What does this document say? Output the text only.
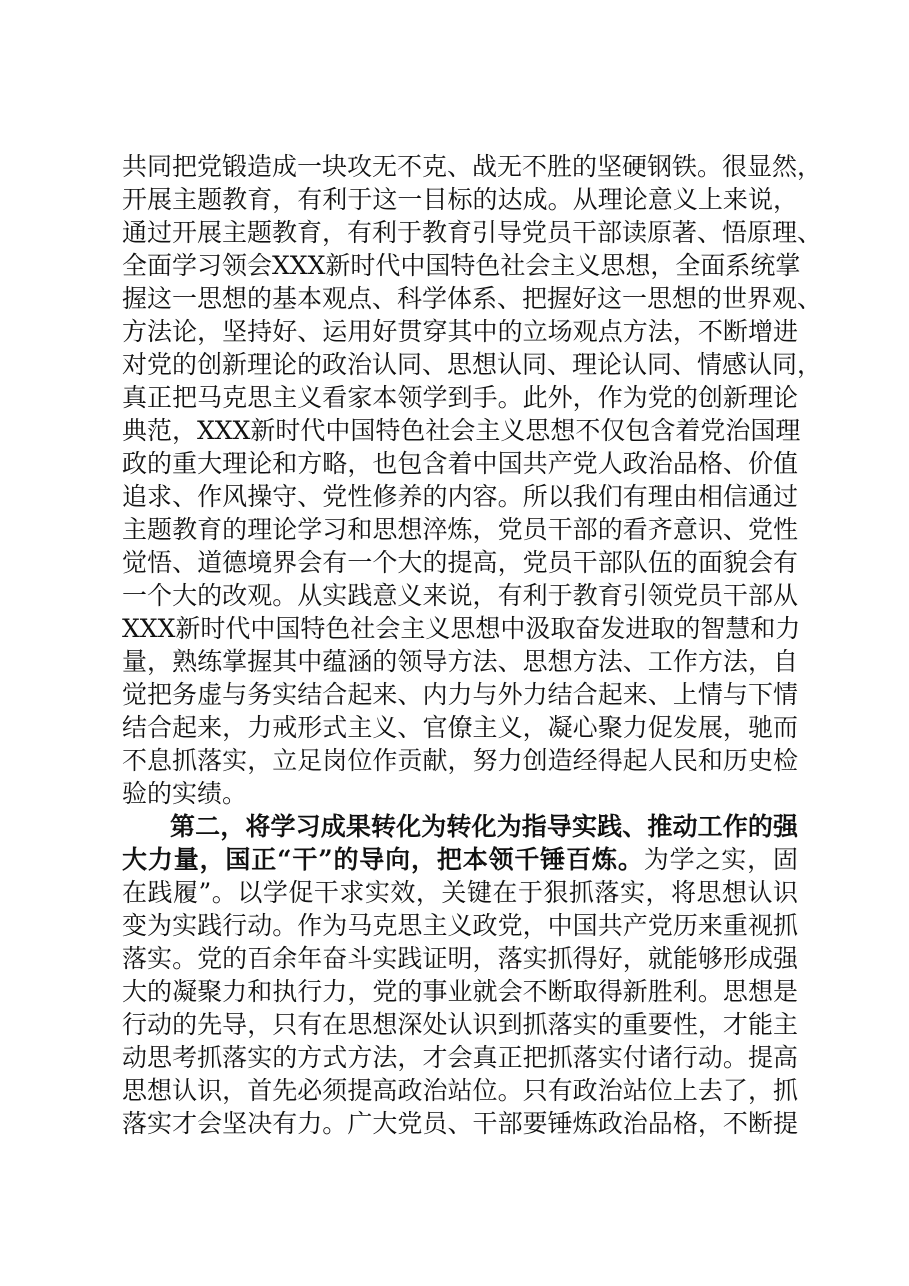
共同把党锻造成一块攻无不克、战无不胜的坚硬钢铁。很显然，
开展主题教育，有利于这一目标的达成。从理论意义上来说，
通过开展主题教育，有利于教育引导党员干部读原著、悟原理、
全面学习领会XXX新时代中国特色社会主义思想，全面系统掌
握这一思想的基本观点、科学体系、把握好这一思想的世界观、
方法论，坚持好、运用好贯穿其中的立场观点方法，不断增进
对党的创新理论的政治认同、思想认同、理论认同、情感认同，
真正把马克思主义看家本领学到手。此外，作为党的创新理论
典范，XXX新时代中国特色社会主义思想不仅包含着党治国理
政的重大理论和方略，也包含着中国共产党人政治品格、价值
追求、作风操守、党性修养的内容。所以我们有理由相信通过
主题教育的理论学习和思想淬炼，党员干部的看齐意识、党性
觉悟、道德境界会有一个大的提高，党员干部队伍的面貌会有
一个大的改观。从实践意义来说，有利于教育引领党员干部从
XXX新时代中国特色社会主义思想中汲取奋发进取的智慧和力
量，熟练掌握其中蕴涵的领导方法、思想方法、工作方法，自
觉把务虚与务实结合起来、内力与外力结合起来、上情与下情
结合起来，力戒形式主义、官僚主义，凝心聚力促发展，驰而
不息抓落实，立足岗位作贡献，努力创造经得起人民和历史检
验的实绩。
第二，将学习成果转化为转化为指导实践、推动工作的强
大力量，国正“干”的导向，把本领千锤百炼。为学之实，固
在践履”。以学促干求实效，关键在于狠抓落实，将思想认识
变为实践行动。作为马克思主义政党，中国共产党历来重视抓
落实。党的百余年奋斗实践证明，落实抓得好，就能够形成强
大的凝聚力和执行力，党的事业就会不断取得新胜利。思想是
行动的先导，只有在思想深处认识到抓落实的重要性，才能主
动思考抓落实的方式方法，才会真正把抓落实付诸行动。提高
思想认识，首先必须提高政治站位。只有政治站位上去了，抓
落实才会坚决有力。广大党员、干部要锤炼政治品格，不断提
